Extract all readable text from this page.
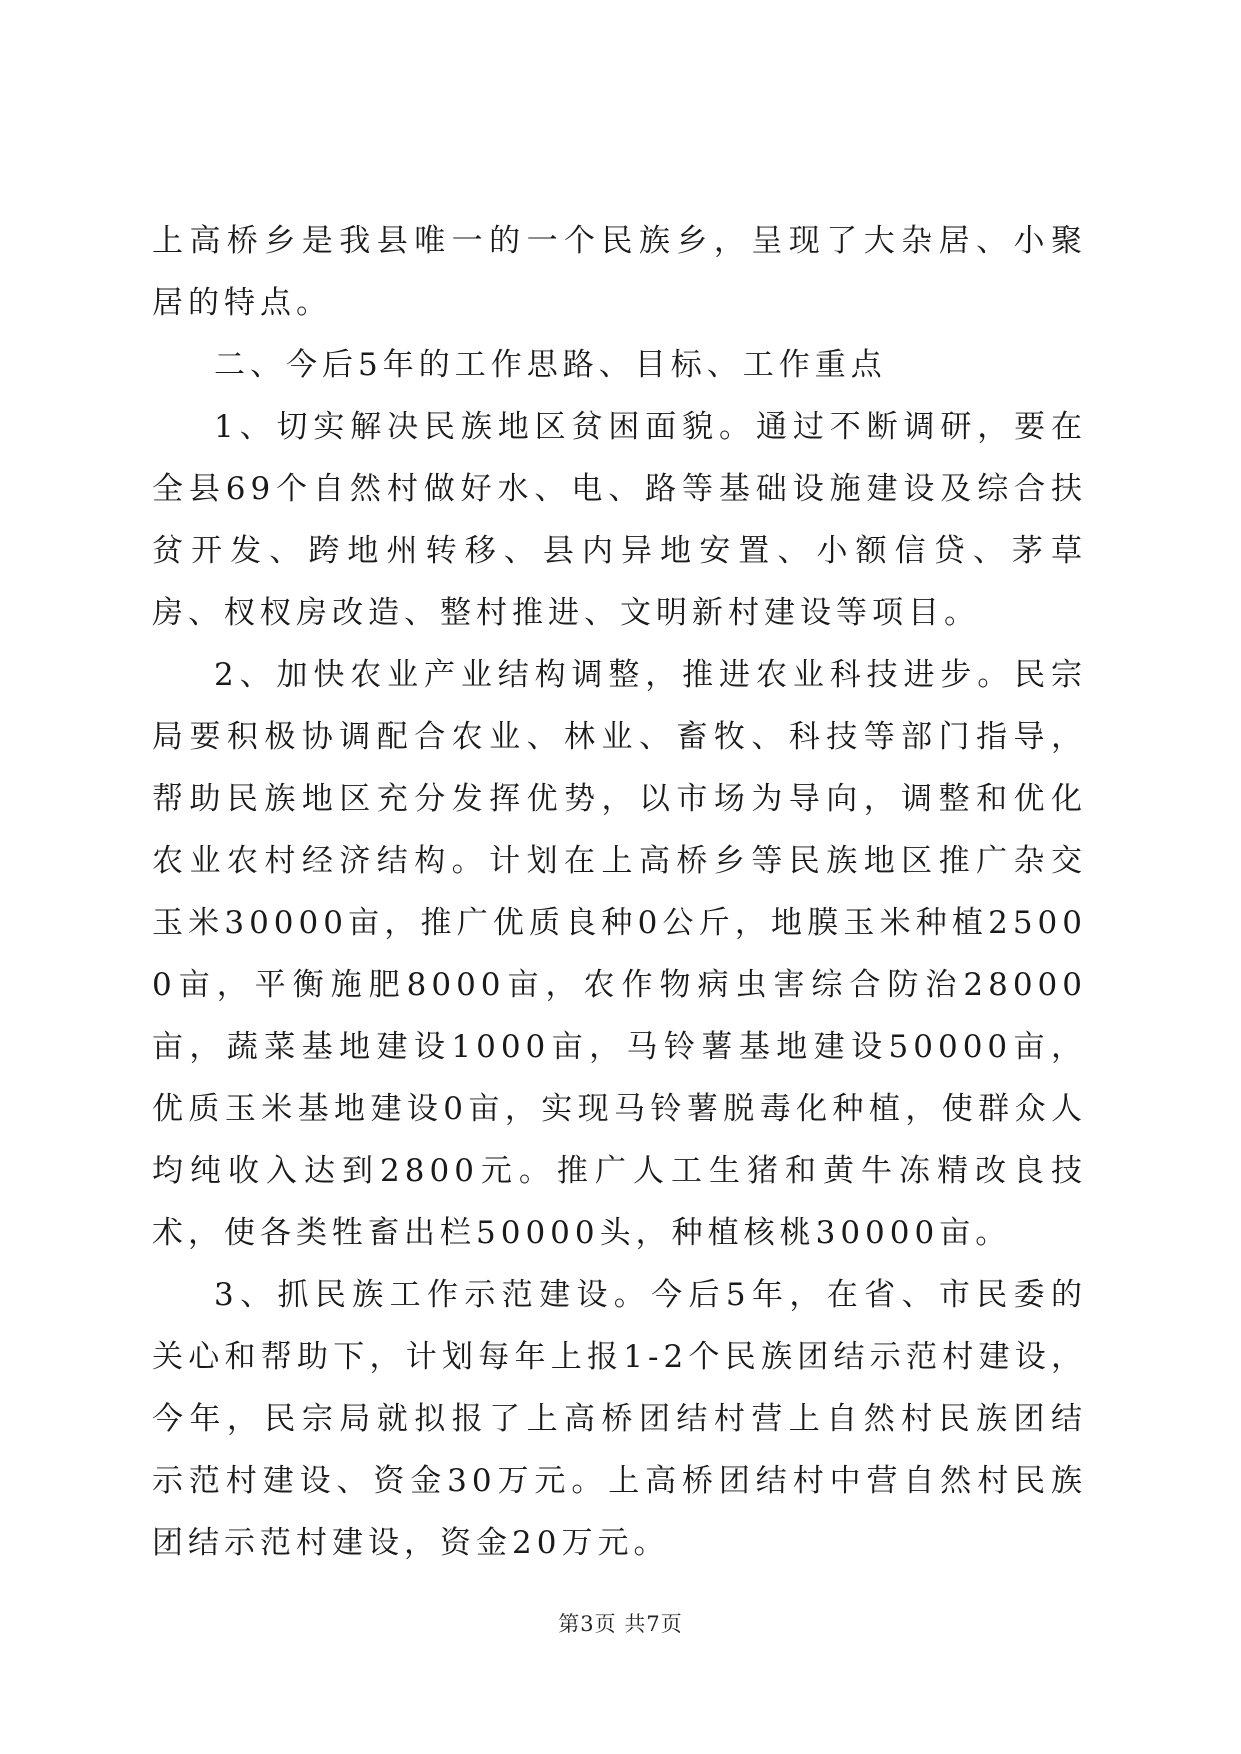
上高桥乡是我县唯一的一个民族乡，呈现了大杂居、小聚居的特点。

二、今后5年的工作思路、目标、工作重点

1、切实解决民族地区贫困面貌。通过不断调研，要在全县69个自然村做好水、电、路等基础设施建设及综合扶贫开发、跨地州转移、县内异地安置、小额信贷、茅草房、杈杈房改造、整村推进、文明新村建设等项目。

2、加快农业产业结构调整，推进农业科技进步。民宗局要积极协调配合农业、林业、畜牧、科技等部门指导，帮助民族地区充分发挥优势，以市场为导向，调整和优化农业农村经济结构。计划在上高桥乡等民族地区推广杂交玉米30000亩，推广优质良种0公斤，地膜玉米种植25000亩，平衡施肥8000亩，农作物病虫害综合防治28000亩，蔬菜基地建设1000亩，马铃薯基地建设50000亩，优质玉米基地建设0亩，实现马铃薯脱毒化种植，使群众人均纯收入达到2800元。推广人工生猪和黄牛冻精改良技术，使各类牲畜出栏50000头，种植核桃30000亩。

3、抓民族工作示范建设。今后5年，在省、市民委的关心和帮助下，计划每年上报1-2个民族团结示范村建设，今年，民宗局就拟报了上高桥团结村营上自然村民族团结示范村建设、资金30万元。上高桥团结村中营自然村民族团结示范村建设，资金20万元。

第3页 共7页
